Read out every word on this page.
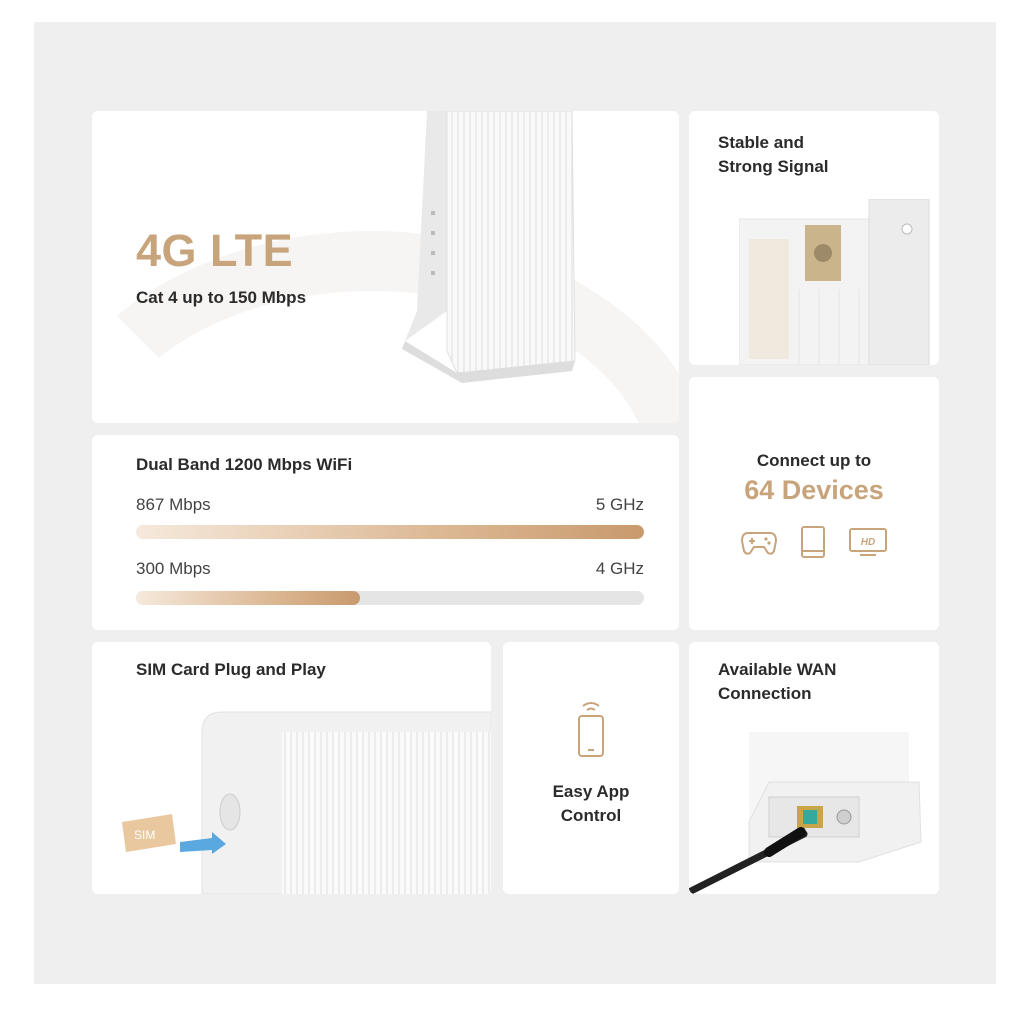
4G LTE
Cat 4 up to 150 Mbps
Stable and
Strong Signal
Dual Band 1200 Mbps WiFi
867 Mbps	5 GHz
300 Mbps	4 GHz
Connect up to
64 Devices
HD
SIM Card Plug and Play
SIM
Easy App
Control
Available WAN
Connection
